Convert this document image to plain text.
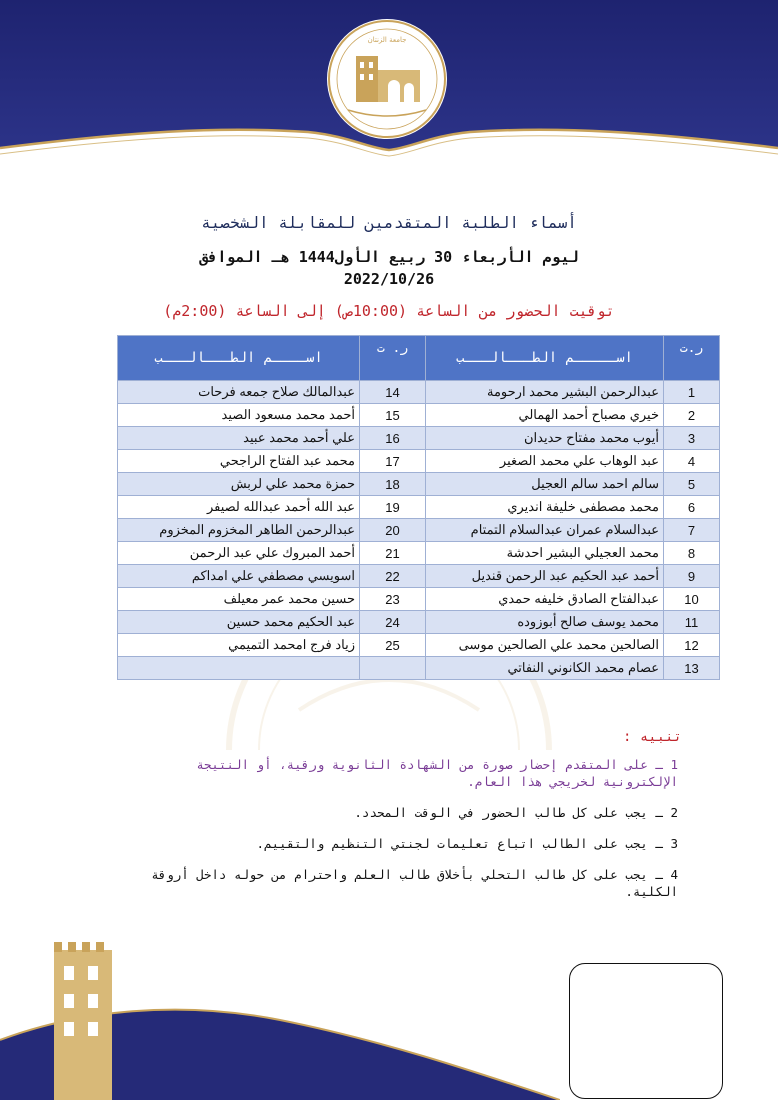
جامعة الزنتان
أسماء الطلبة المتقدمين للمقابلة الشخصية
ليوم الأربعاء 30 ربيع الأول1444 هـ الموافق
2022/10/26
توقيت الحضور من الساعة (10:00ص) إلى الساعة (2:00م)
ر.ت	اســـــم الطـــالـــب	ر. ت	اســــم الطـــالـــب
1	عبدالرحمن البشير محمد ارحومة	14	عبدالمالك صلاح جمعه فرحات
2	خيري مصباح أحمد الهمالي	15	أحمد محمد مسعود الصيد
3	أيوب محمد مفتاح حديدان	16	علي أحمد محمد عبيد
4	عبد الوهاب علي محمد الصغير	17	محمد عبد الفتاح الراجحي
5	سالم احمد سالم العجيل	18	حمزة محمد علي لربش
6	محمد مصطفى خليفة انديري	19	عبد الله أحمد عبدالله لصيفر
7	عبدالسلام عمران عبدالسلام التمتام	20	عبدالرحمن الطاهر المخزوم المخزوم
8	محمد العجيلي البشير احدشة	21	أحمد المبروك علي عبد الرحمن
9	أحمد عبد الحكيم عبد الرحمن قنديل	22	اسويسي مصطفي علي امداكم
10	عبدالفتاح الصادق خليفه حمدي	23	حسين محمد عمر معيلف
11	محمد يوسف صالح أبوزوده	24	عبد الحكيم محمد حسين
12	الصالحين محمد علي الصالحين موسى	25	زياد فرج امحمد التميمي
13	عصام محمد الكانوني النفاتي		
تنبيه :

1 ـ على المتقدم إحضار صورة من الشهادة الثانوية ورقية، أو النتيجة الإلكترونية لخريجي هذا العام.

2 ـ يجب على كل طالب الحضور في الوقت المحدد.

3 ـ يجب على الطالب اتباع تعليمات لجنتي التنظيم والتقييم.

4 ـ يجب على كل طالب التحلي بأخلاق طالب العلم واحترام من حوله داخل أروقة الكلية.
